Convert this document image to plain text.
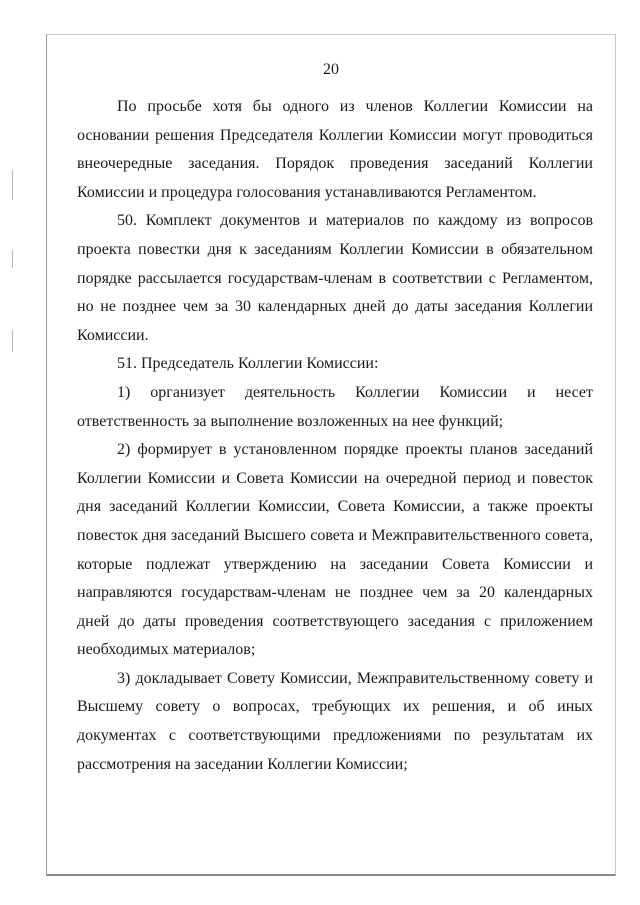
20

По просьбе хотя бы одного из членов Коллегии Комиссии на основании решения Председателя Коллегии Комиссии могут проводиться внеочередные заседания. Порядок проведения заседаний Коллегии Комиссии и процедура голосования устанавливаются Регламентом.

50. Комплект документов и материалов по каждому из вопросов проекта повестки дня к заседаниям Коллегии Комиссии в обязательном порядке рассылается государствам-членам в соответствии с Регламентом, но не позднее чем за 30 календарных дней до даты заседания Коллегии Комиссии.

51. Председатель Коллегии Комиссии:

1) организует деятельность Коллегии Комиссии и несет ответственность за выполнение возложенных на нее функций;

2) формирует в установленном порядке проекты планов заседаний Коллегии Комиссии и Совета Комиссии на очередной период и повесток дня заседаний Коллегии Комиссии, Совета Комиссии, а также проекты повесток дня заседаний Высшего совета и Межправительственного совета, которые подлежат утверждению на заседании Совета Комиссии и направляются государствам-членам не позднее чем за 20 календарных дней до даты проведения соответствующего заседания с приложением необходимых материалов;

3) докладывает Совету Комиссии, Межправительственному совету и Высшему совету о вопросах, требующих их решения, и об иных документах с соответствующими предложениями по результатам их рассмотрения на заседании Коллегии Комиссии;
